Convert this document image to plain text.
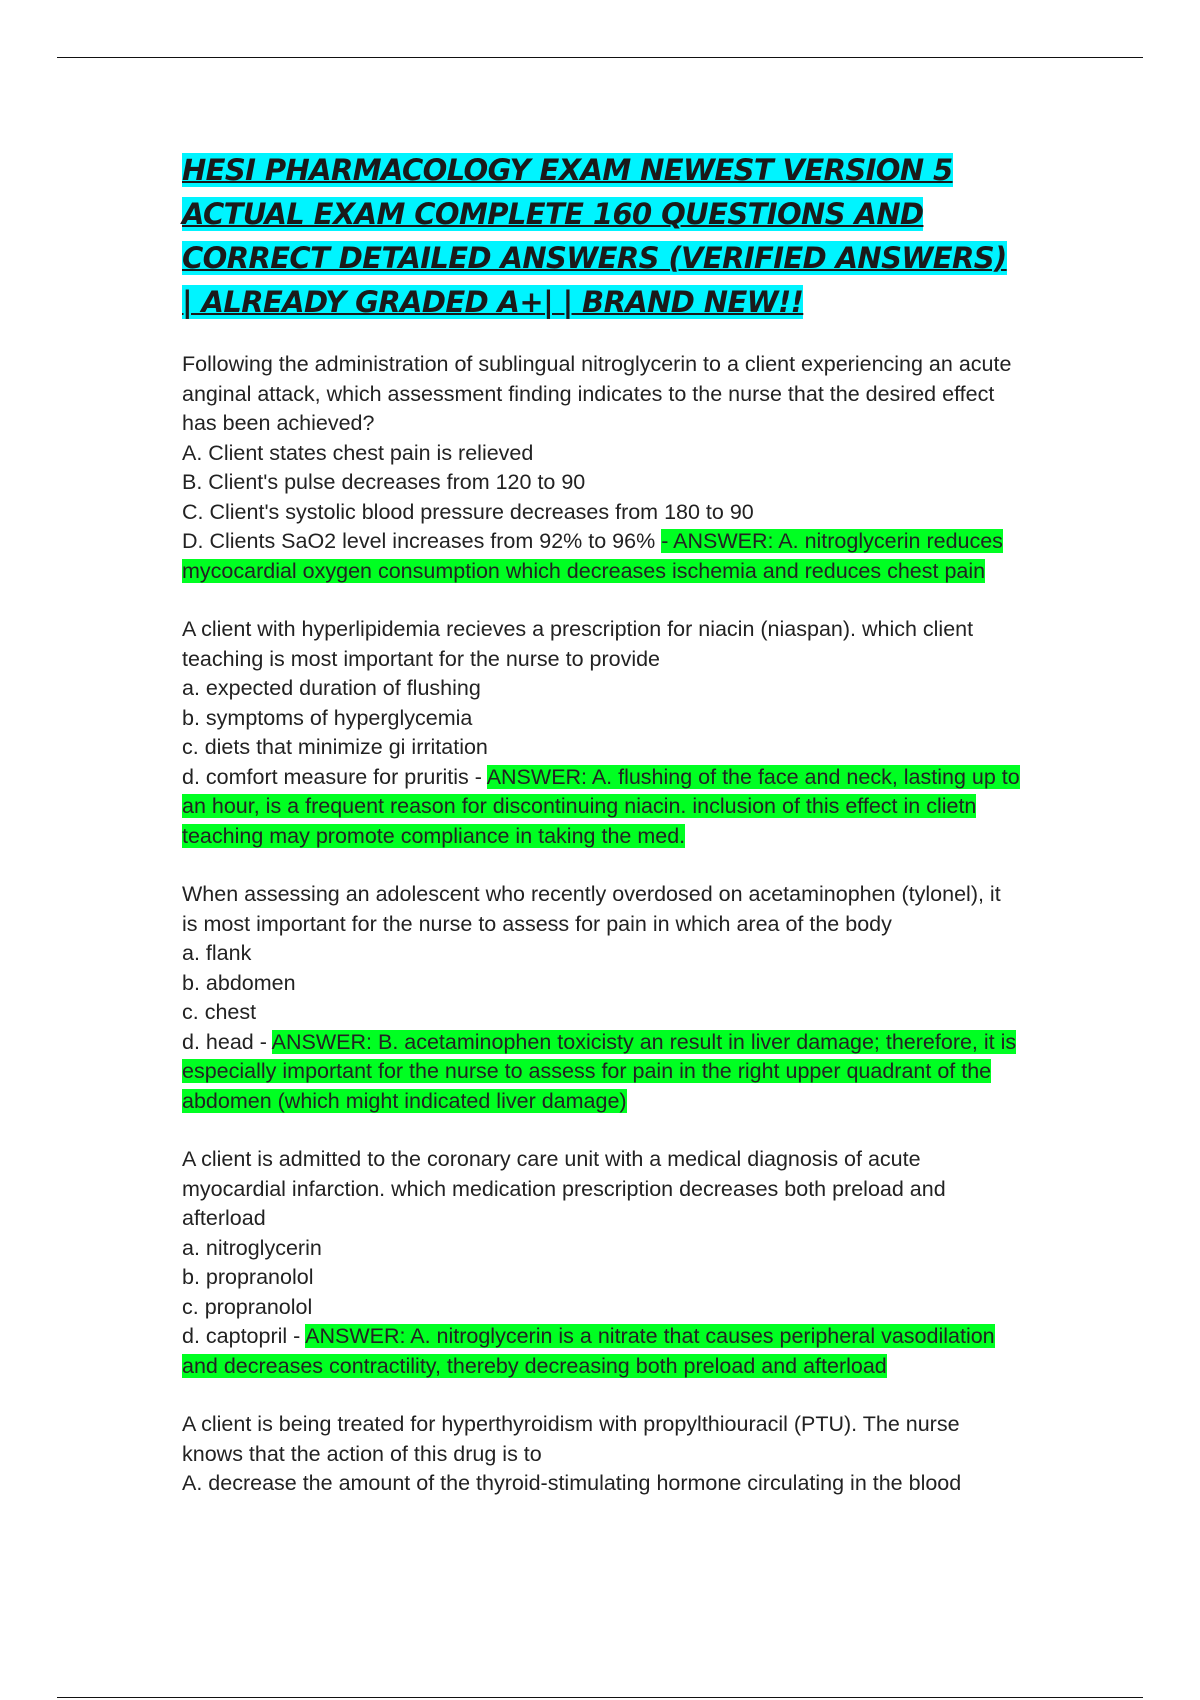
HESI PHARMACOLOGY EXAM NEWEST VERSION 5 ACTUAL EXAM COMPLETE 160 QUESTIONS AND CORRECT DETAILED ANSWERS (VERIFIED ANSWERS) | ALREADY GRADED A+| | BRAND NEW!!
Following the administration of sublingual nitroglycerin to a client experiencing an acute anginal attack, which assessment finding indicates to the nurse that the desired effect has been achieved?
A. Client states chest pain is relieved
B. Client's pulse decreases from 120 to 90
C. Client's systolic blood pressure decreases from 180 to 90
D. Clients SaO2 level increases from 92% to 96% - ANSWER: A. nitroglycerin reduces mycocardial oxygen consumption which decreases ischemia and reduces chest pain
A client with hyperlipidemia recieves a prescription for niacin (niaspan). which client teaching is most important for the nurse to provide
a. expected duration of flushing
b. symptoms of hyperglycemia
c. diets that minimize gi irritation
d. comfort measure for pruritis - ANSWER: A. flushing of the face and neck, lasting up to an hour, is a frequent reason for discontinuing niacin. inclusion of this effect in clietn teaching may promote compliance in taking the med.
When assessing an adolescent who recently overdosed on acetaminophen (tylonel), it is most important for the nurse to assess for pain in which area of the body
a. flank
b. abdomen
c. chest
d. head - ANSWER: B. acetaminophen toxicisty an result in liver damage; therefore, it is especially important for the nurse to assess for pain in the right upper quadrant of the abdomen (which might indicated liver damage)
A client is admitted to the coronary care unit with a medical diagnosis of acute myocardial infarction. which medication prescription decreases both preload and afterload
a. nitroglycerin
b. propranolol
c. propranolol
d. captopril - ANSWER: A. nitroglycerin is a nitrate that causes peripheral vasodilation and decreases contractility, thereby decreasing both preload and afterload
A client is being treated for hyperthyroidism with propylthiouracil (PTU). The nurse knows that the action of this drug is to
A. decrease the amount of the thyroid-stimulating hormone circulating in the blood
